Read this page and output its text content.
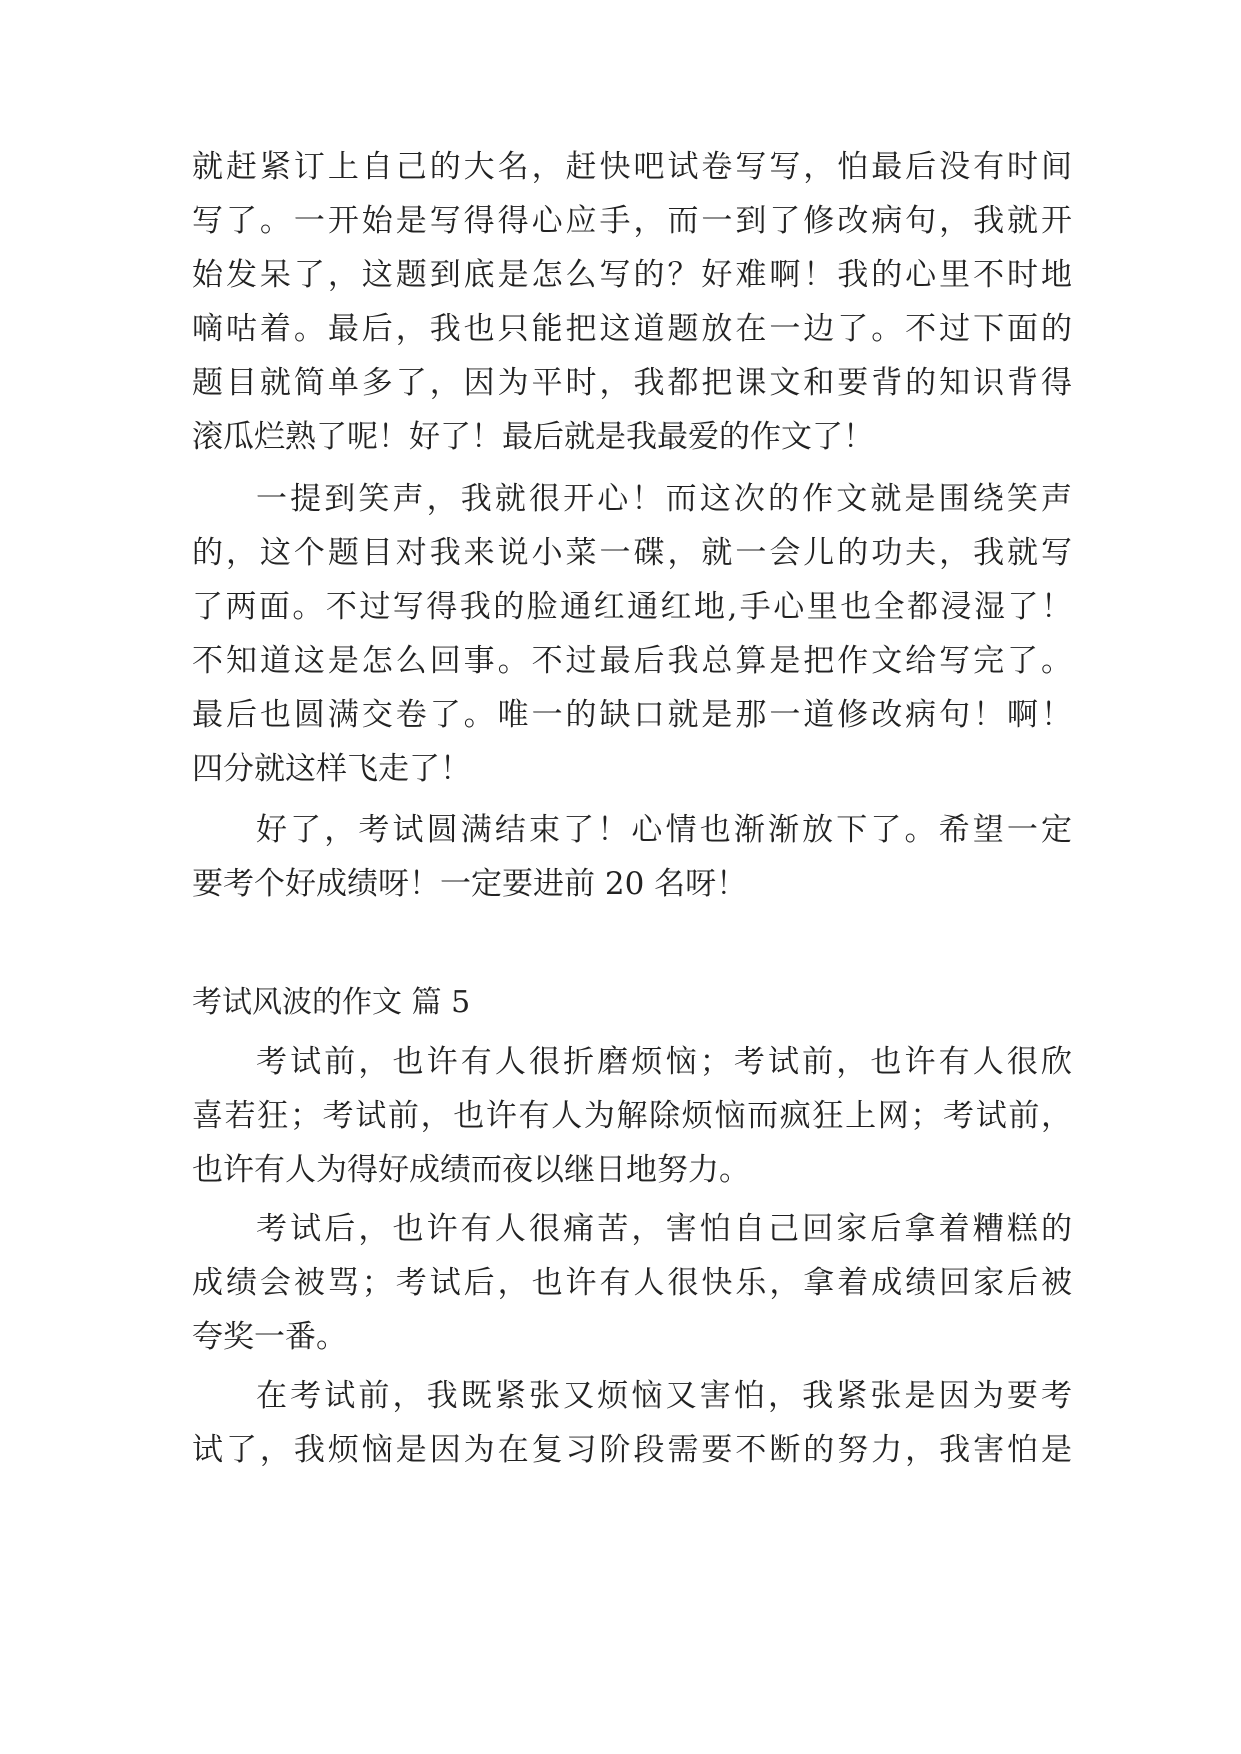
就赶紧订上自己的大名，赶快吧试卷写写，怕最后没有时间
写了。一开始是写得得心应手，而一到了修改病句，我就开
始发呆了，这题到底是怎么写的？好难啊！我的心里不时地
嘀咕着。最后，我也只能把这道题放在一边了。不过下面的
题目就简单多了，因为平时，我都把课文和要背的知识背得
滚瓜烂熟了呢！好了！最后就是我最爱的作文了！
一提到笑声，我就很开心！而这次的作文就是围绕笑声
的，这个题目对我来说小菜一碟，就一会儿的功夫，我就写
了两面。不过写得我的脸通红通红地,手心里也全都浸湿了！
不知道这是怎么回事。不过最后我总算是把作文给写完了。
最后也圆满交卷了。唯一的缺口就是那一道修改病句！啊！
四分就这样飞走了！
好了，考试圆满结束了！心情也渐渐放下了。希望一定
要考个好成绩呀！一定要进前 20 名呀！
考试风波的作文 篇 5
考试前，也许有人很折磨烦恼；考试前，也许有人很欣
喜若狂；考试前，也许有人为解除烦恼而疯狂上网；考试前，
也许有人为得好成绩而夜以继日地努力。
考试后，也许有人很痛苦，害怕自己回家后拿着糟糕的
成绩会被骂；考试后，也许有人很快乐，拿着成绩回家后被
夸奖一番。
在考试前，我既紧张又烦恼又害怕，我紧张是因为要考
试了，我烦恼是因为在复习阶段需要不断的努力，我害怕是
